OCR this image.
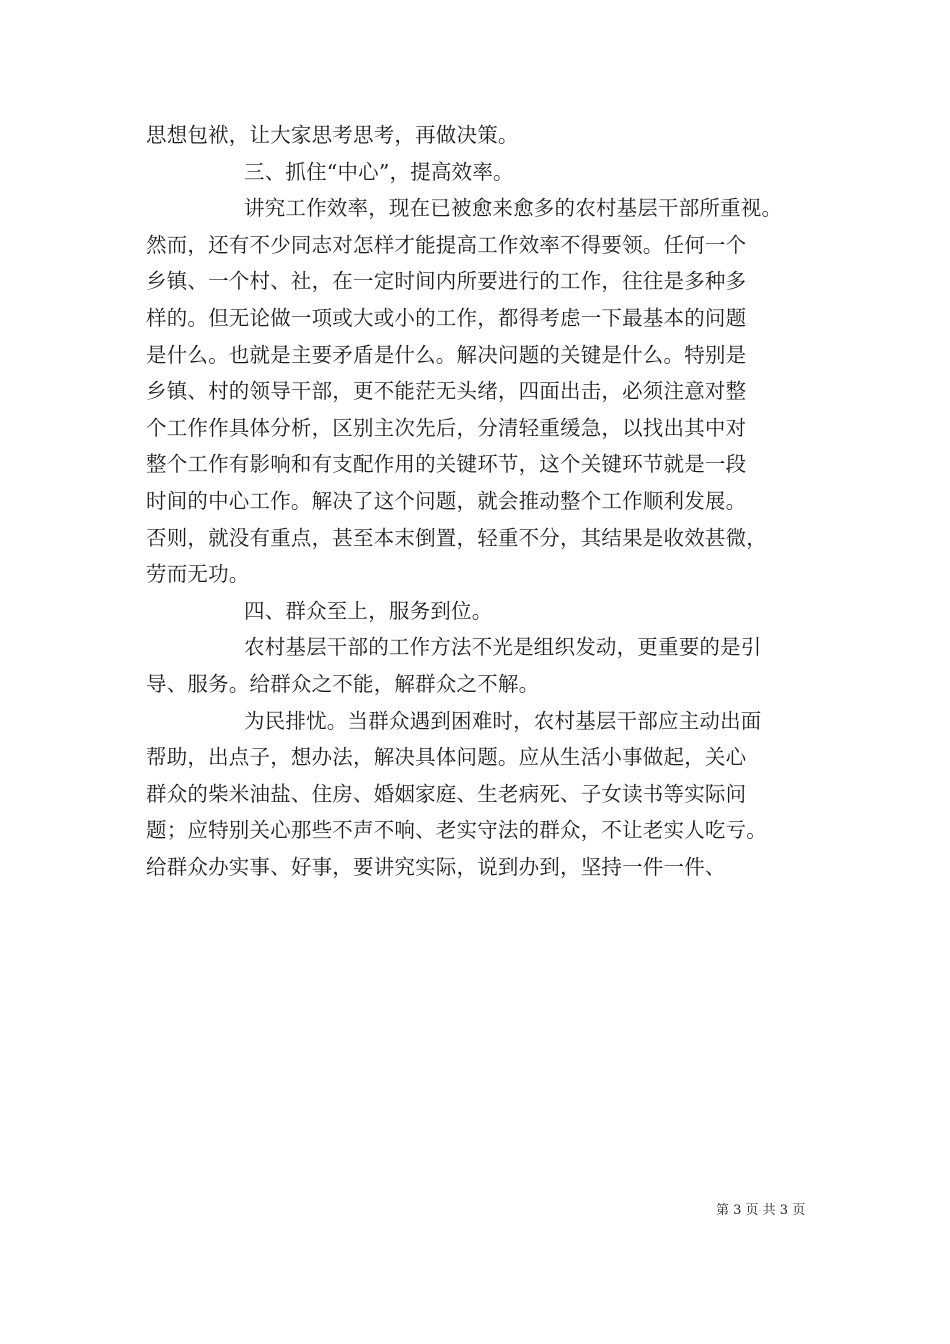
思想包袱，让大家思考思考，再做决策。
三、抓住“中心”，提高效率。
讲究工作效率，现在已被愈来愈多的农村基层干部所重视。
然而，还有不少同志对怎样才能提高工作效率不得要领。任何一个
乡镇、一个村、社，在一定时间内所要进行的工作，往往是多种多
样的。但无论做一项或大或小的工作，都得考虑一下最基本的问题
是什么。也就是主要矛盾是什么。解决问题的关键是什么。特别是
乡镇、村的领导干部，更不能茫无头绪，四面出击，必须注意对整
个工作作具体分析，区别主次先后，分清轻重缓急，以找出其中对
整个工作有影响和有支配作用的关键环节，这个关键环节就是一段
时间的中心工作。解决了这个问题，就会推动整个工作顺利发展。
否则，就没有重点，甚至本末倒置，轻重不分，其结果是收效甚微，
劳而无功。
四、群众至上，服务到位。
农村基层干部的工作方法不光是组织发动，更重要的是引
导、服务。给群众之不能，解群众之不解。
为民排忧。当群众遇到困难时，农村基层干部应主动出面
帮助，出点子，想办法，解决具体问题。应从生活小事做起，关心
群众的柴米油盐、住房、婚姻家庭、生老病死、子女读书等实际问
题；应特别关心那些不声不响、老实守法的群众，不让老实人吃亏。
给群众办实事、好事，要讲究实际，说到办到，坚持一件一件、
第 3 页 共 3 页
